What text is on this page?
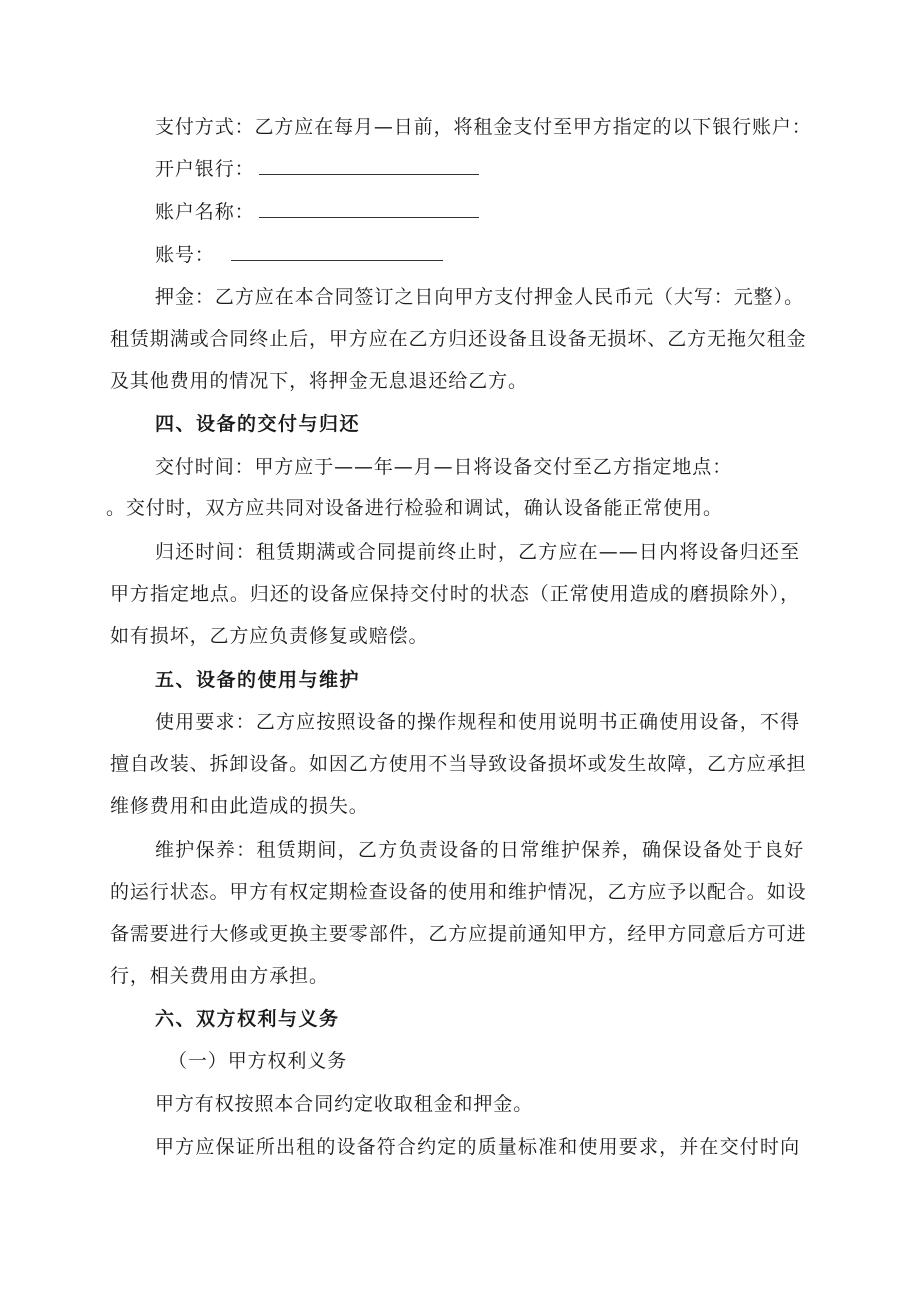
支付方式：乙方应在每月—日前，将租金支付至甲方指定的以下银行账户：
开户银行：
账户名称：
账号：
押金：乙方应在本合同签订之日向甲方支付押金人民币元（大写：元整）。
租赁期满或合同终止后，甲方应在乙方归还设备且设备无损坏、乙方无拖欠租金
及其他费用的情况下，将押金无息退还给乙方。
四、设备的交付与归还
交付时间：甲方应于——年—月—日将设备交付至乙方指定地点：
。交付时，双方应共同对设备进行检验和调试，确认设备能正常使用。
归还时间：租赁期满或合同提前终止时，乙方应在——日内将设备归还至
甲方指定地点。归还的设备应保持交付时的状态（正常使用造成的磨损除外），
如有损坏，乙方应负责修复或赔偿。
五、设备的使用与维护
使用要求：乙方应按照设备的操作规程和使用说明书正确使用设备，不得
擅自改装、拆卸设备。如因乙方使用不当导致设备损坏或发生故障，乙方应承担
维修费用和由此造成的损失。
维护保养：租赁期间，乙方负责设备的日常维护保养，确保设备处于良好
的运行状态。甲方有权定期检查设备的使用和维护情况，乙方应予以配合。如设
备需要进行大修或更换主要零部件，乙方应提前通知甲方，经甲方同意后方可进
行，相关费用由方承担。
六、双方权利与义务
（一）甲方权利义务
甲方有权按照本合同约定收取租金和押金。
甲方应保证所出租的设备符合约定的质量标准和使用要求，并在交付时向
